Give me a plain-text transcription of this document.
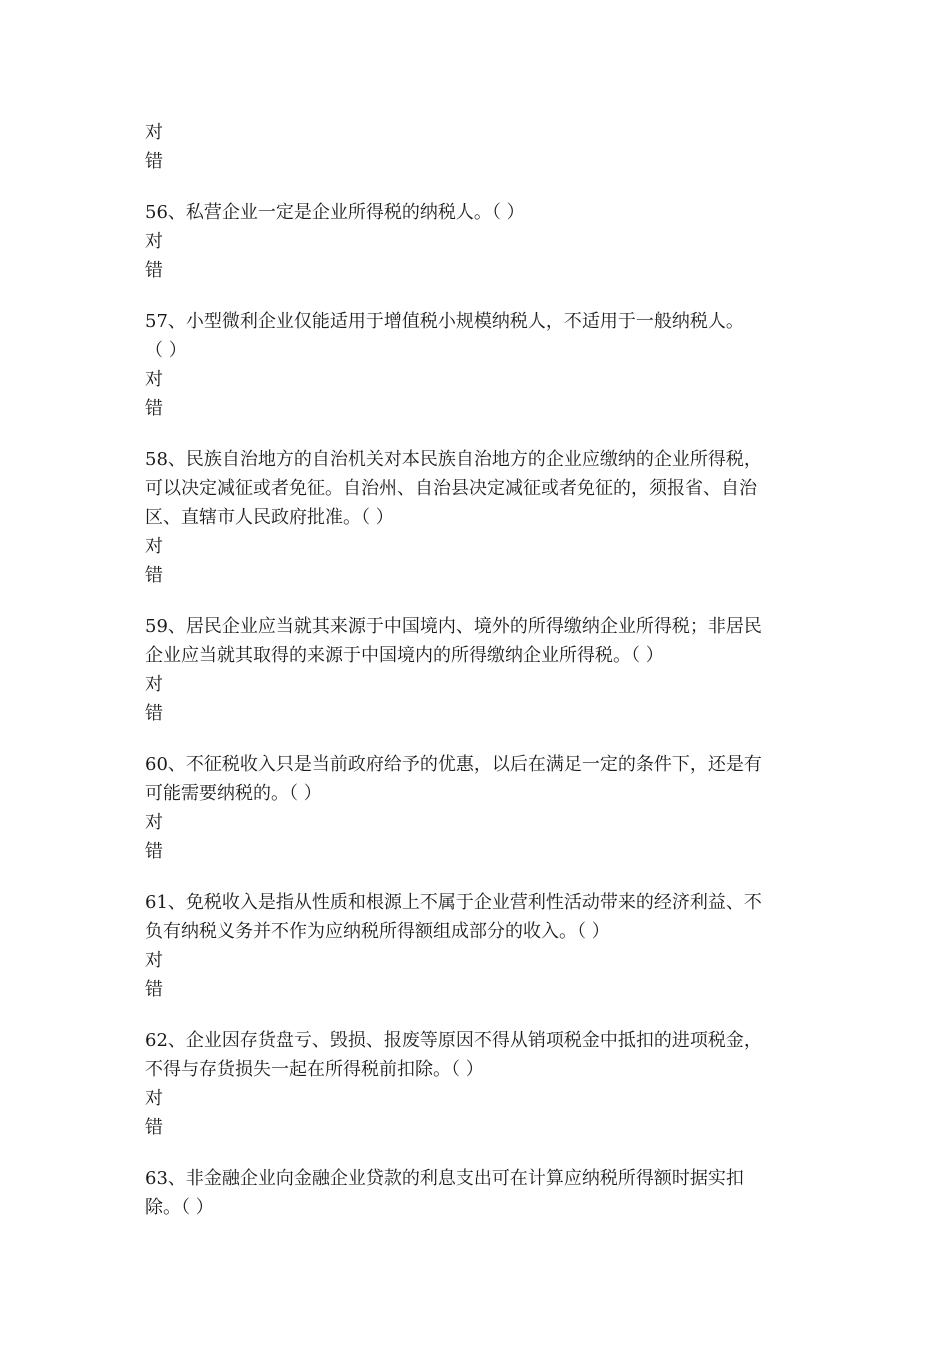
对
错
56、私营企业一定是企业所得税的纳税人。（ ）
对
错
57、小型微利企业仅能适用于增值税小规模纳税人，不适用于一般纳税人。
（ ）
对
错
58、民族自治地方的自治机关对本民族自治地方的企业应缴纳的企业所得税，
可以决定减征或者免征。自治州、自治县决定减征或者免征的，须报省、自治
区、直辖市人民政府批准。（ ）
对
错
59、居民企业应当就其来源于中国境内、境外的所得缴纳企业所得税；非居民
企业应当就其取得的来源于中国境内的所得缴纳企业所得税。（ ）
对
错
60、不征税收入只是当前政府给予的优惠，以后在满足一定的条件下，还是有
可能需要纳税的。（ ）
对
错
61、免税收入是指从性质和根源上不属于企业营利性活动带来的经济利益、不
负有纳税义务并不作为应纳税所得额组成部分的收入。（ ）
对
错
62、企业因存货盘亏、毁损、报废等原因不得从销项税金中抵扣的进项税金，
不得与存货损失一起在所得税前扣除。（ ）
对
错
63、非金融企业向金融企业贷款的利息支出可在计算应纳税所得额时据实扣
除。（ ）
